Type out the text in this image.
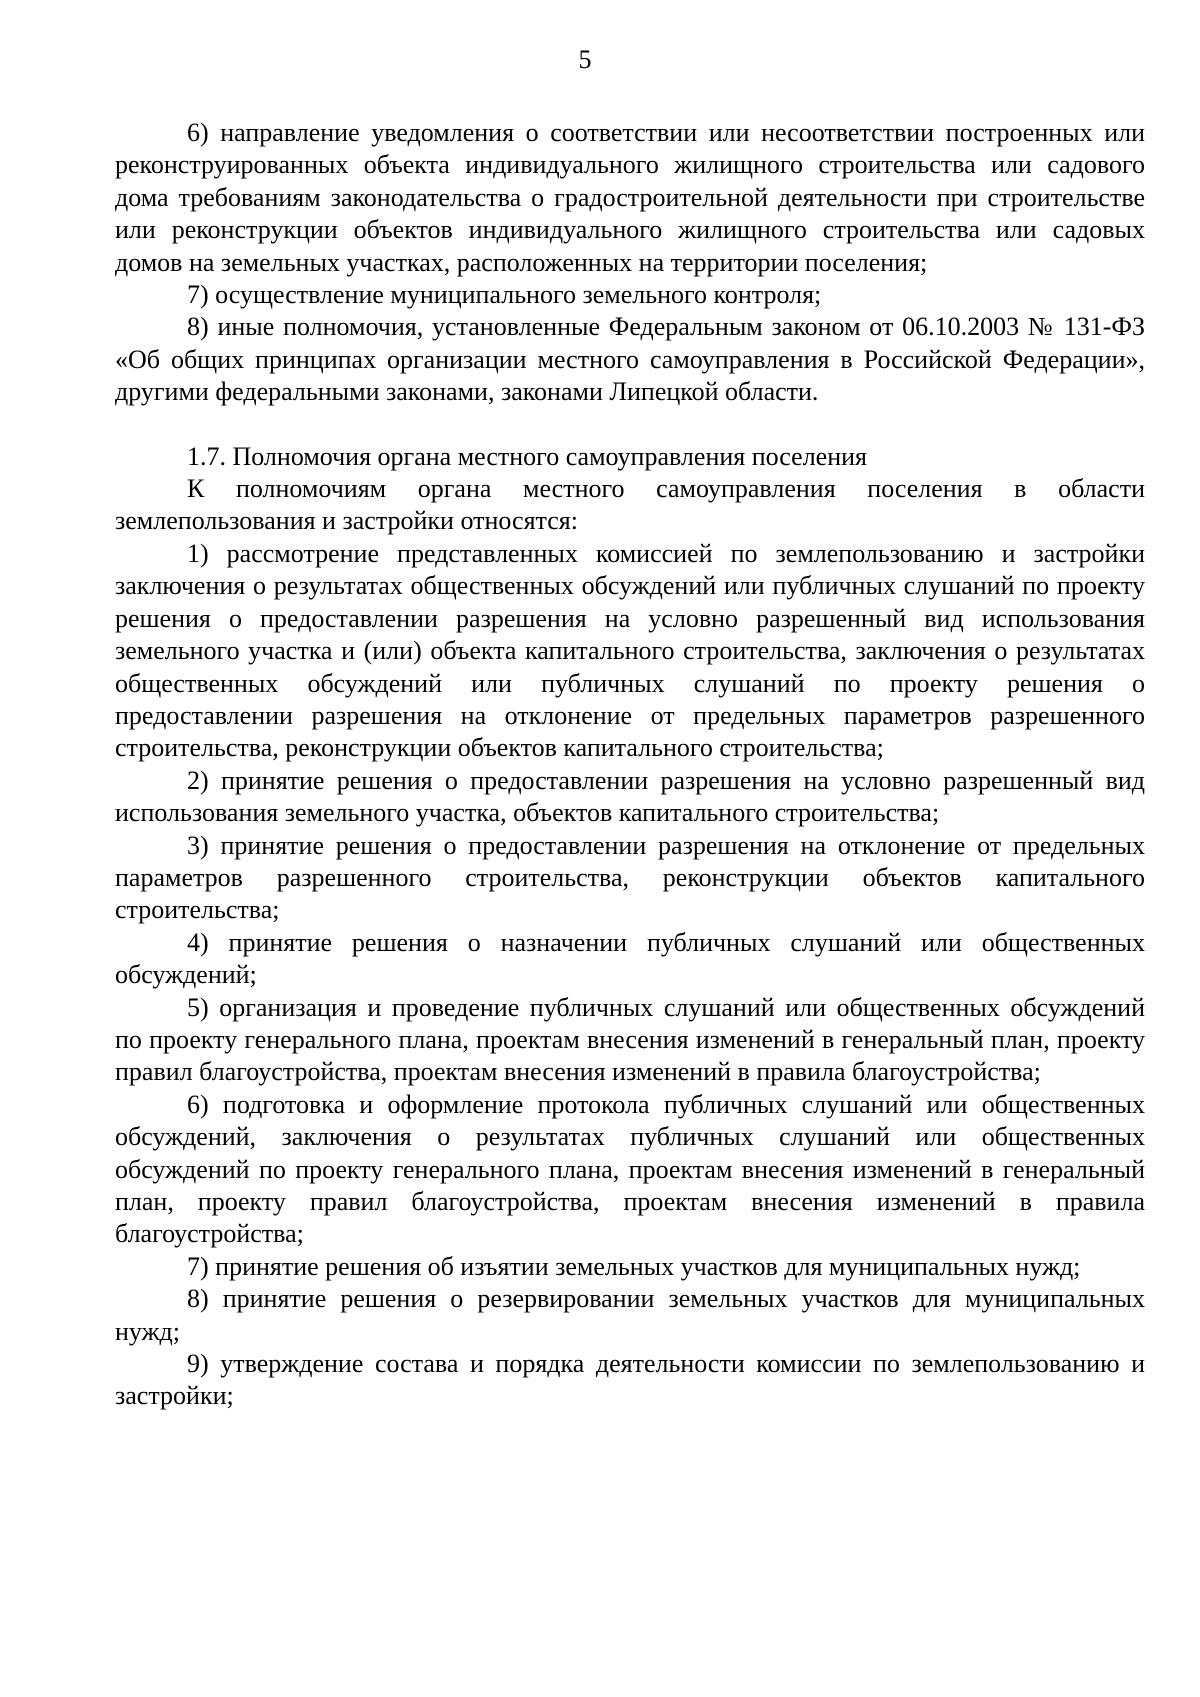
5

6) направление уведомления о соответствии или несоответствии построенных или реконструированных объекта индивидуального жилищного строительства или садового дома требованиям законодательства о градостроительной деятельности при строительстве или реконструкции объектов индивидуального жилищного строительства или садовых домов на земельных участках, расположенных на территории поселения;

7) осуществление муниципального земельного контроля;

8) иные полномочия, установленные Федеральным законом от 06.10.2003 № 131-ФЗ «Об общих принципах организации местного самоуправления в Российской Федерации», другими федеральными законами, законами Липецкой области.

1.7. Полномочия органа местного самоуправления поселения

К полномочиям органа местного самоуправления поселения в области землепользования и застройки относятся:

1) рассмотрение представленных комиссией по землепользованию и застройки заключения о результатах общественных обсуждений или публичных слушаний по проекту решения о предоставлении разрешения на условно разрешенный вид использования земельного участка и (или) объекта капитального строительства, заключения о результатах общественных обсуждений или публичных слушаний по проекту решения о предоставлении разрешения на отклонение от предельных параметров разрешенного строительства, реконструкции объектов капитального строительства;

2) принятие решения о предоставлении разрешения на условно разрешенный вид использования земельного участка, объектов капитального строительства;

3) принятие решения о предоставлении разрешения на отклонение от предельных параметров разрешенного строительства, реконструкции объектов капитального строительства;

4) принятие решения о назначении публичных слушаний или общественных обсуждений;

5) организация и проведение публичных слушаний или общественных обсуждений по проекту генерального плана, проектам внесения изменений в генеральный план, проекту правил благоустройства, проектам внесения изменений в правила благоустройства;

6) подготовка и оформление протокола публичных слушаний или общественных обсуждений, заключения о результатах публичных слушаний или общественных обсуждений по проекту генерального плана, проектам внесения изменений в генеральный план, проекту правил благоустройства, проектам внесения изменений в правила благоустройства;

7) принятие решения об изъятии земельных участков для муниципальных нужд;

8) принятие решения о резервировании земельных участков для муниципальных нужд;

9) утверждение состава и порядка деятельности комиссии по землепользованию и застройки;
